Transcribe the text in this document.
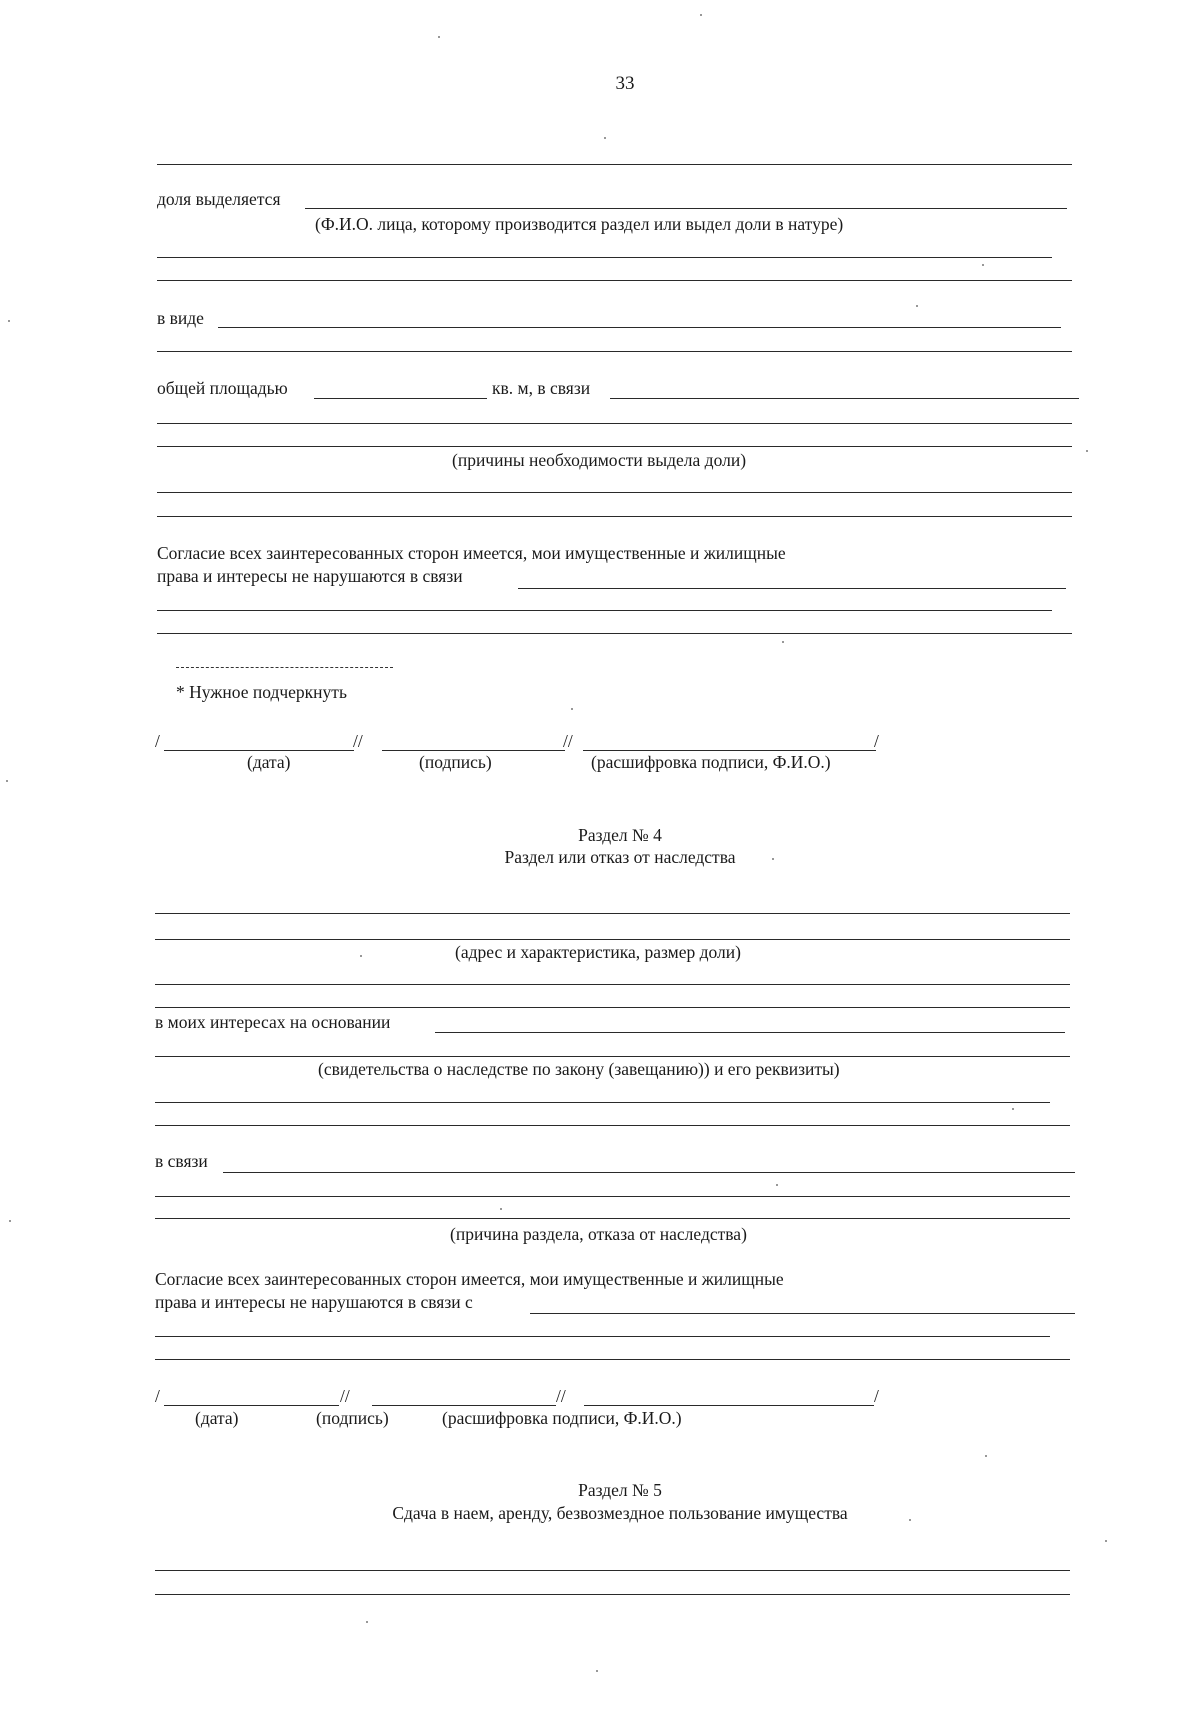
33
доля выделяется
(Ф.И.О. лица, которому производится раздел или выдел доли в натуре)
в виде
общей площадью	кв. м, в связи
(причины необходимости выдела доли)
Согласие всех заинтересованных сторон имеется, мои имущественные и жилищные
права и интересы не нарушаются в связи
* Нужное подчеркнуть
/	//	//	/
(дата)	(подпись)	(расшифровка подписи, Ф.И.О.)
Раздел № 4
Раздел или отказ от наследства
(адрес и характеристика, размер доли)
в моих интересах на основании
(свидетельства о наследстве по закону (завещанию)) и его реквизиты)
в связи
(причина раздела, отказа от наследства)
Согласие всех заинтересованных сторон имеется, мои имущественные и жилищные
права и интересы не нарушаются в связи с
/	//	//	/
(дата)	(подпись)	(расшифровка подписи, Ф.И.О.)
Раздел № 5
Сдача в наем, аренду, безвозмездное пользование имущества
